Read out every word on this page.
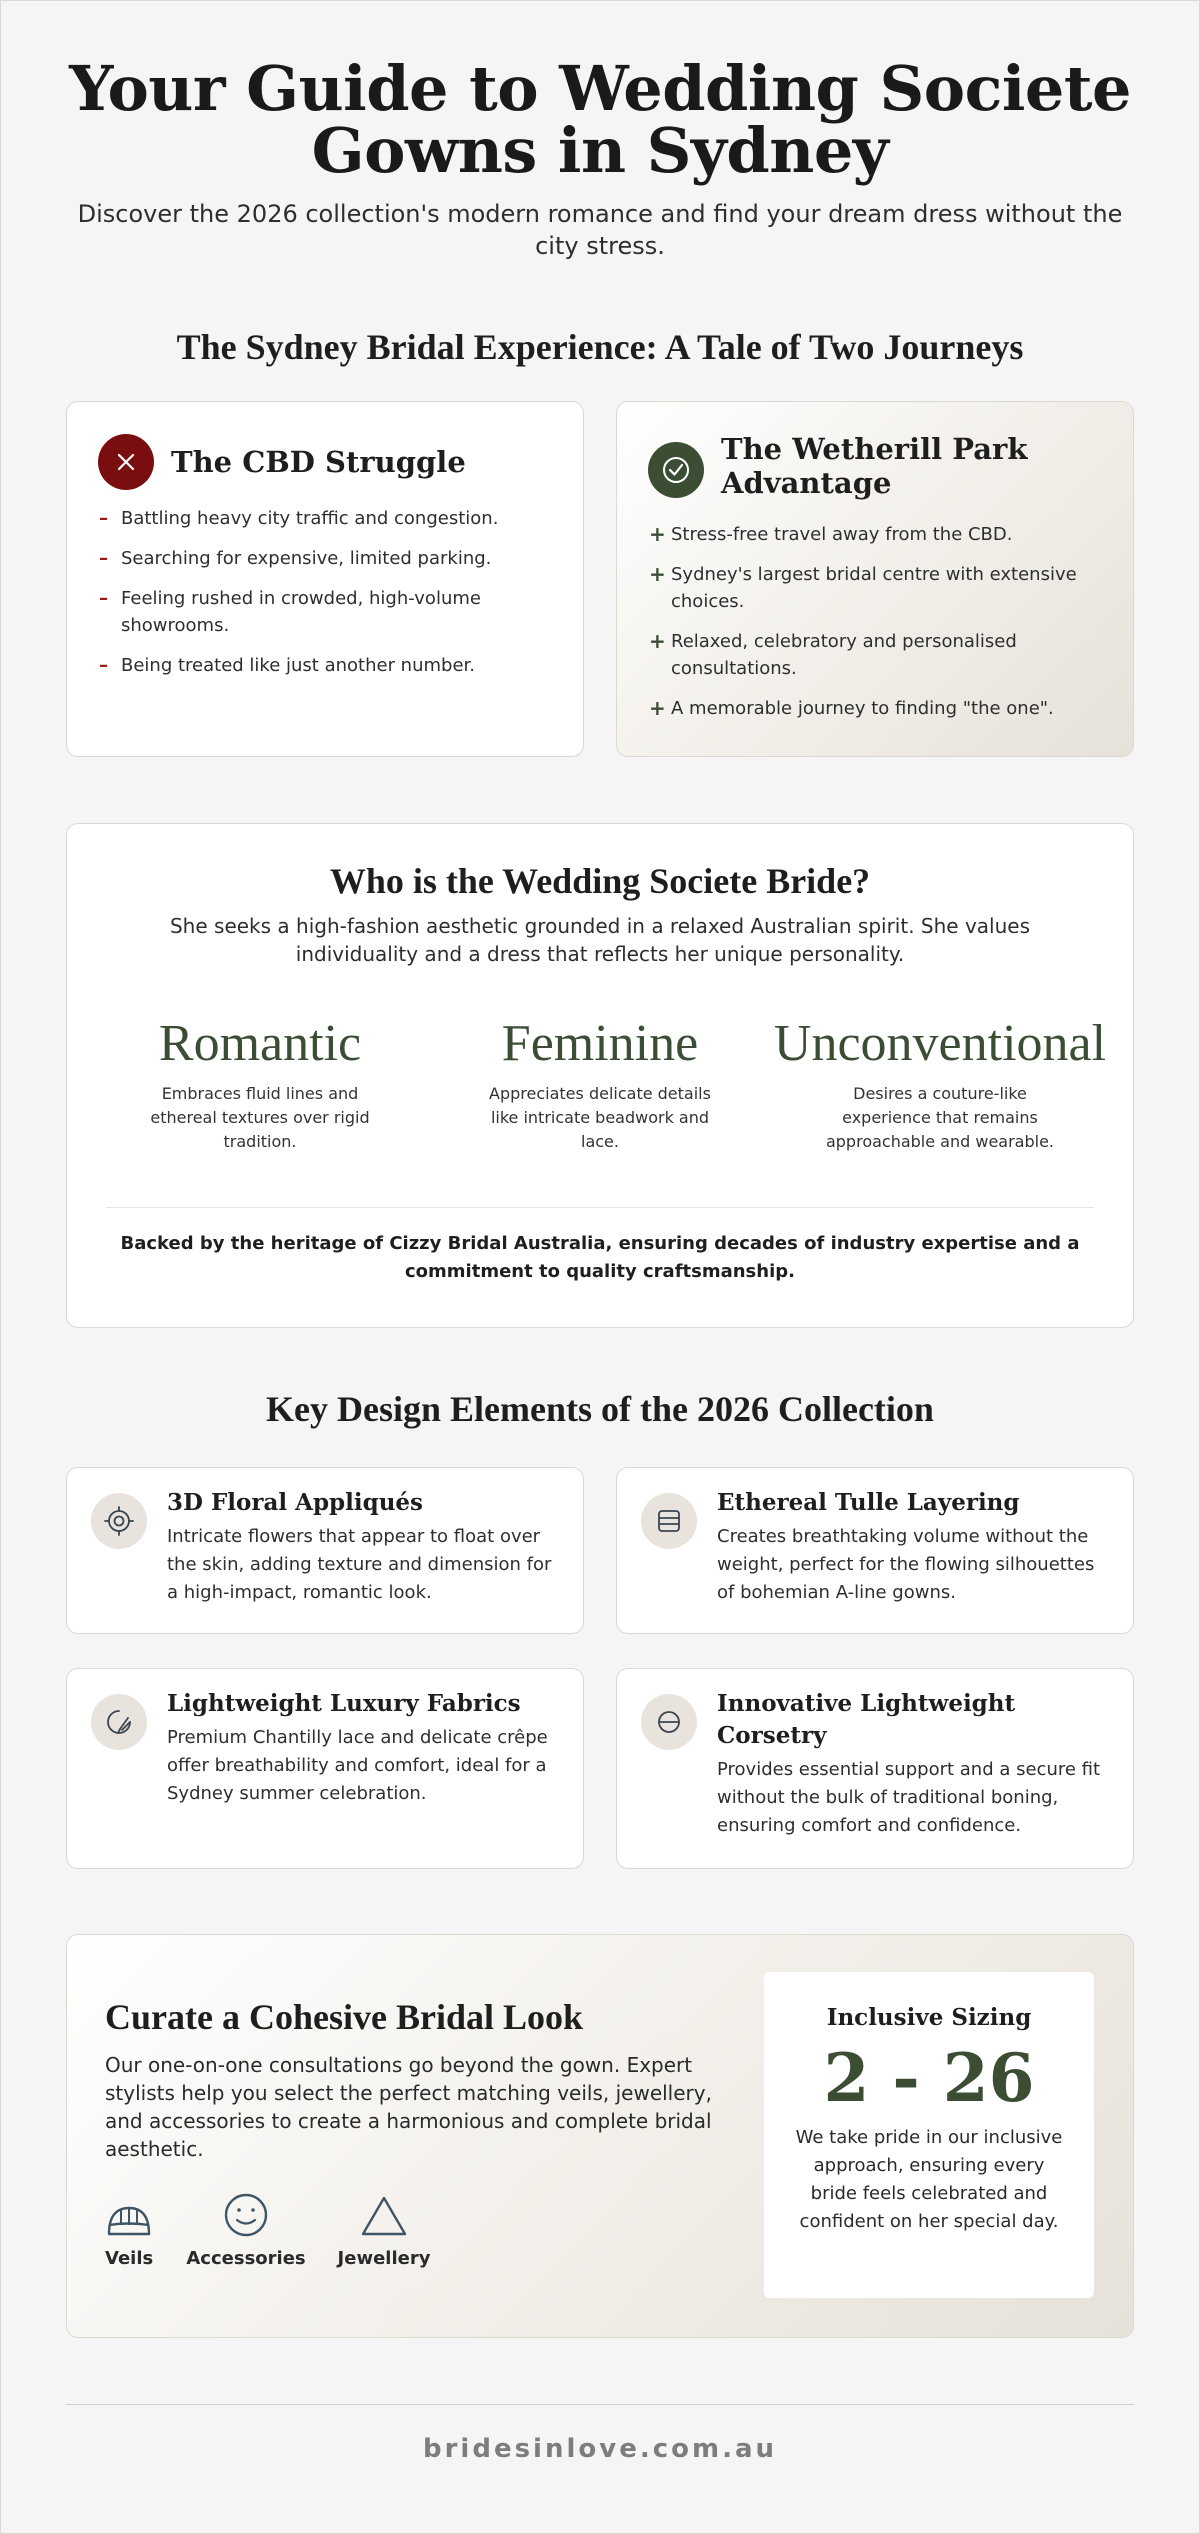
Your Guide to Wedding Societe Gowns in Sydney

Discover the 2026 collection's modern romance and find your dream dress without the city stress.

The Sydney Bridal Experience: A Tale of Two Journeys
The CBD Struggle
– Battling heavy city traffic and congestion.
– Searching for expensive, limited parking.
– Feeling rushed in crowded, high-volume showrooms.
– Being treated like just another number.
The Wetherill Park Advantage
+ Stress-free travel away from the CBD.
+ Sydney's largest bridal centre with extensive choices.
+ Relaxed, celebratory and personalised consultations.
+ A memorable journey to finding "the one".
Who is the Wedding Societe Bride?

She seeks a high-fashion aesthetic grounded in a relaxed Australian spirit. She values individuality and a dress that reflects her unique personality.

Romantic
Embraces fluid lines and ethereal textures over rigid tradition.
Feminine
Appreciates delicate details like intricate beadwork and lace.
Unconventional
Desires a couture-like experience that remains approachable and wearable.

Backed by the heritage of Cizzy Bridal Australia, ensuring decades of industry expertise and a commitment to quality craftsmanship.

Key Design Elements of the 2026 Collection
3D Floral Appliqués
Intricate flowers that appear to float over the skin, adding texture and dimension for a high-impact, romantic look.
Ethereal Tulle Layering
Creates breathtaking volume without the weight, perfect for the flowing silhouettes of bohemian A-line gowns.
Lightweight Luxury Fabrics
Premium Chantilly lace and delicate crêpe offer breathability and comfort, ideal for a Sydney summer celebration.
Innovative Lightweight Corsetry
Provides essential support and a secure fit without the bulk of traditional boning, ensuring comfort and confidence.
Curate a Cohesive Bridal Look

Our one-on-one consultations go beyond the gown. Expert stylists help you select the perfect matching veils, jewellery, and accessories to create a harmonious and complete bridal aesthetic.

Veils Accessories Jewellery
Inclusive Sizing
2 - 26
We take pride in our inclusive approach, ensuring every bride feels celebrated and confident on her special day.
bridesinlove.com.au
